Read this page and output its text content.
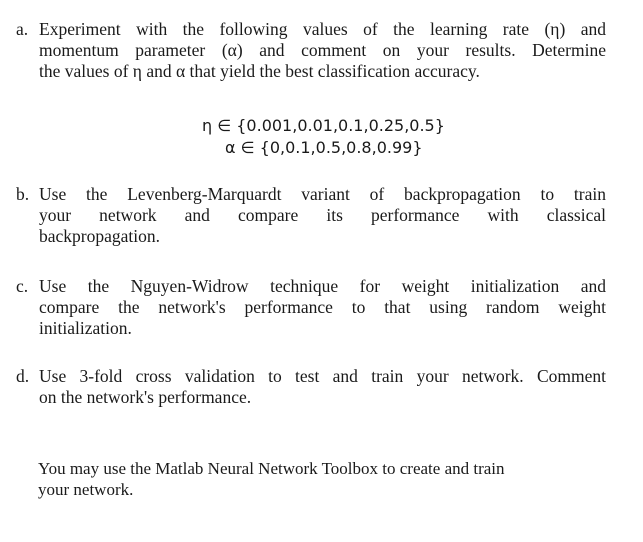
a. Experiment with the following values of the learning rate (η) and
momentum parameter (α) and comment on your results. Determine
the values of η and α that yield the best classification accuracy.
η ∈ {0.001,0.01,0.1,0.25,0.5}
α ∈ {0,0.1,0.5,0.8,0.99}
b. Use the Levenberg-Marquardt variant of backpropagation to train
your network and compare its performance with classical
backpropagation.
c. Use the Nguyen-Widrow technique for weight initialization and
compare the network's performance to that using random weight
initialization.
d. Use 3-fold cross validation to test and train your network. Comment
on the network's performance.
You may use the Matlab Neural Network Toolbox to create and train
your network.
